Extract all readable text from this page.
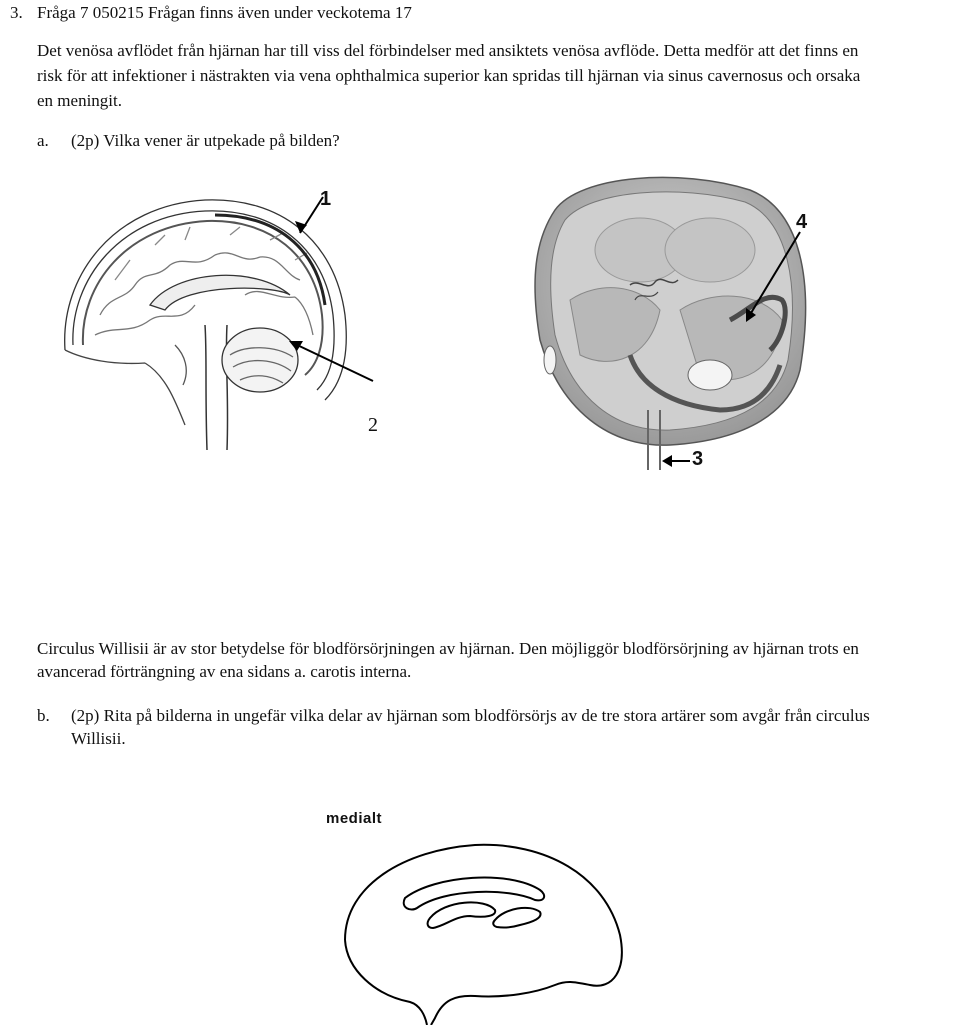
3. Fråga 7 050215 Frågan finns även under veckotema 17
Det venösa avflödet från hjärnan har till viss del förbindelser med ansiktets venösa avflöde. Detta medför att det finns en
risk för att infektioner i nästrakten via vena ophthalmica superior kan spridas till hjärnan via sinus cavernosus och orsaka
en meningit.
a. (2p) Vilka vener är utpekade på bilden?
1
2
4
3
Circulus Willisii är av stor betydelse för blodförsörjningen av hjärnan. Den möjliggör blodförsörjning av hjärnan trots en
avancerad förträngning av ena sidans a. carotis interna.
b. (2p) Rita på bilderna in ungefär vilka delar av hjärnan som blodförsörjs av de tre stora artärer som avgår från circulus
Willisii.
medialt
